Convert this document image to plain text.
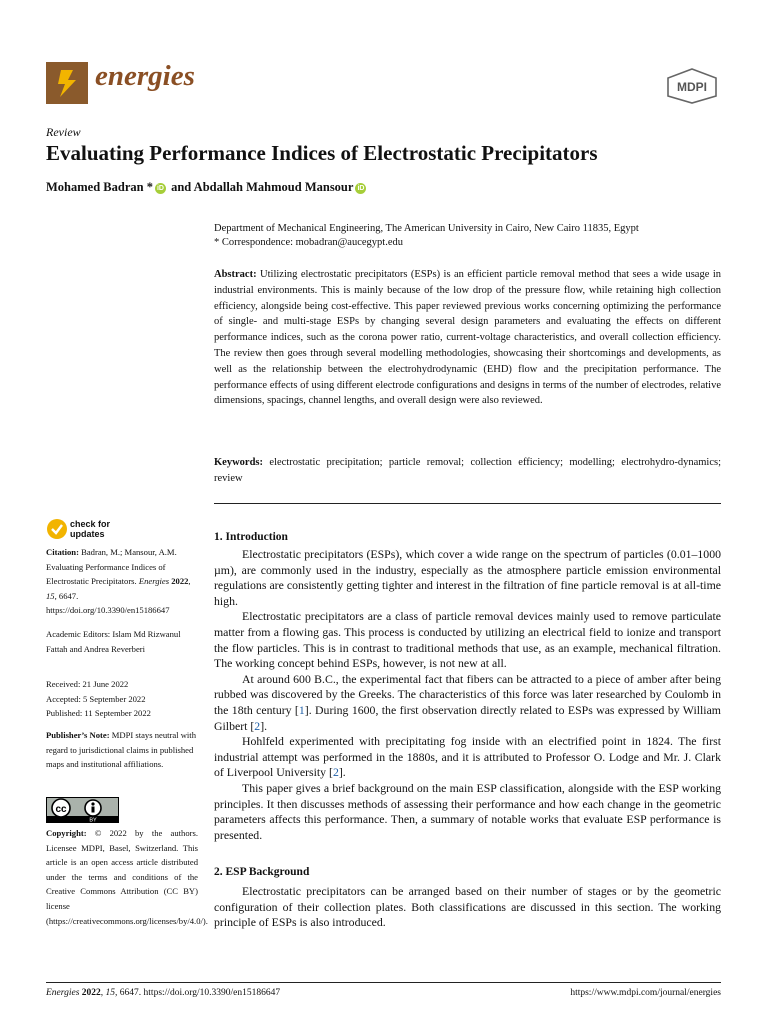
energies	MDPI
Review
Evaluating Performance Indices of Electrostatic Precipitators
Mohamed Badran * iD and Abdallah Mahmoud Mansour iD
Department of Mechanical Engineering, The American University in Cairo, New Cairo 11835, Egypt
* Correspondence: mobadran@aucegypt.edu
Abstract: Utilizing electrostatic precipitators (ESPs) is an efficient particle removal method that sees a wide usage in industrial environments. This is mainly because of the low drop of the pressure flow, while retaining high collection efficiency, alongside being cost-effective. This paper reviewed previous works concerning optimizing the performance of single- and multi-stage ESPs by changing several design parameters and evaluating the effects on different performance indices, such as the corona power ratio, current-voltage characteristics, and overall collection efficiency. The review then goes through several modelling methodologies, showcasing their shortcomings and developments, as well as the relationship between the electrohydrodynamic (EHD) flow and the precipitation performance. The performance effects of using different electrode configurations and designs in terms of the number of electrodes, relative dimensions, spacings, channel lengths, and overall design were also reviewed.
Keywords: electrostatic precipitation; particle removal; collection efficiency; modelling; electrohydro-dynamics; review
check for
updates
Citation: Badran, M.; Mansour, A.M. Evaluating Performance Indices of Electrostatic Precipitators. Energies 2022, 15, 6647. https://doi.org/10.3390/en15186647
Academic Editors: Islam Md Rizwanul Fattah and Andrea Reverberi
Received: 21 June 2022
Accepted: 5 September 2022
Published: 11 September 2022
Publisher’s Note: MDPI stays neutral with regard to jurisdictional claims in published maps and institutional affiliations.
cc
BY
Copyright: © 2022 by the authors. Licensee MDPI, Basel, Switzerland. This article is an open access article distributed under the terms and conditions of the Creative Commons Attribution (CC BY) license (https://creativecommons.org/licenses/by/4.0/).
1. Introduction

Electrostatic precipitators (ESPs), which cover a wide range on the spectrum of particles (0.01–1000 µm), are commonly used in the industry, especially as the atmosphere particle emission environmental regulations are consistently getting tighter and interest in the filtration of fine particle removal is at all-time high.

Electrostatic precipitators are a class of particle removal devices mainly used to remove particulate matter from a flowing gas. This process is conducted by utilizing an electrical field to ionize and transport the flow particles. This is in contrast to traditional methods that use, as an example, mechanical filtration. The working concept behind ESPs, however, is not new at all.

At around 600 B.C., the experimental fact that fibers can be attracted to a piece of amber after being rubbed was discovered by the Greeks. The characteristics of this force was later researched by Coulomb in the 18th century [1]. During 1600, the first observation directly related to ESPs was expressed by William Gilbert [2].

Hohlfeld experimented with precipitating fog inside with an electrified point in 1824. The first industrial attempt was performed in the 1880s, and it is attributed to Professor O. Lodge and Mr. J. Clark of Liverpool University [2].

This paper gives a brief background on the main ESP classification, alongside with the ESP working principles. It then discusses methods of assessing their performance and how each change in the geometric parameters affects this performance. Then, a summary of notable works that evaluate ESP performance is presented.

2. ESP Background

Electrostatic precipitators can be arranged based on their number of stages or by the geometric configuration of their collection plates. Both classifications are discussed in this section. The working principle of ESPs is also introduced.

Energies 2022, 15, 6647. https://doi.org/10.3390/en15186647	https://www.mdpi.com/journal/energies
